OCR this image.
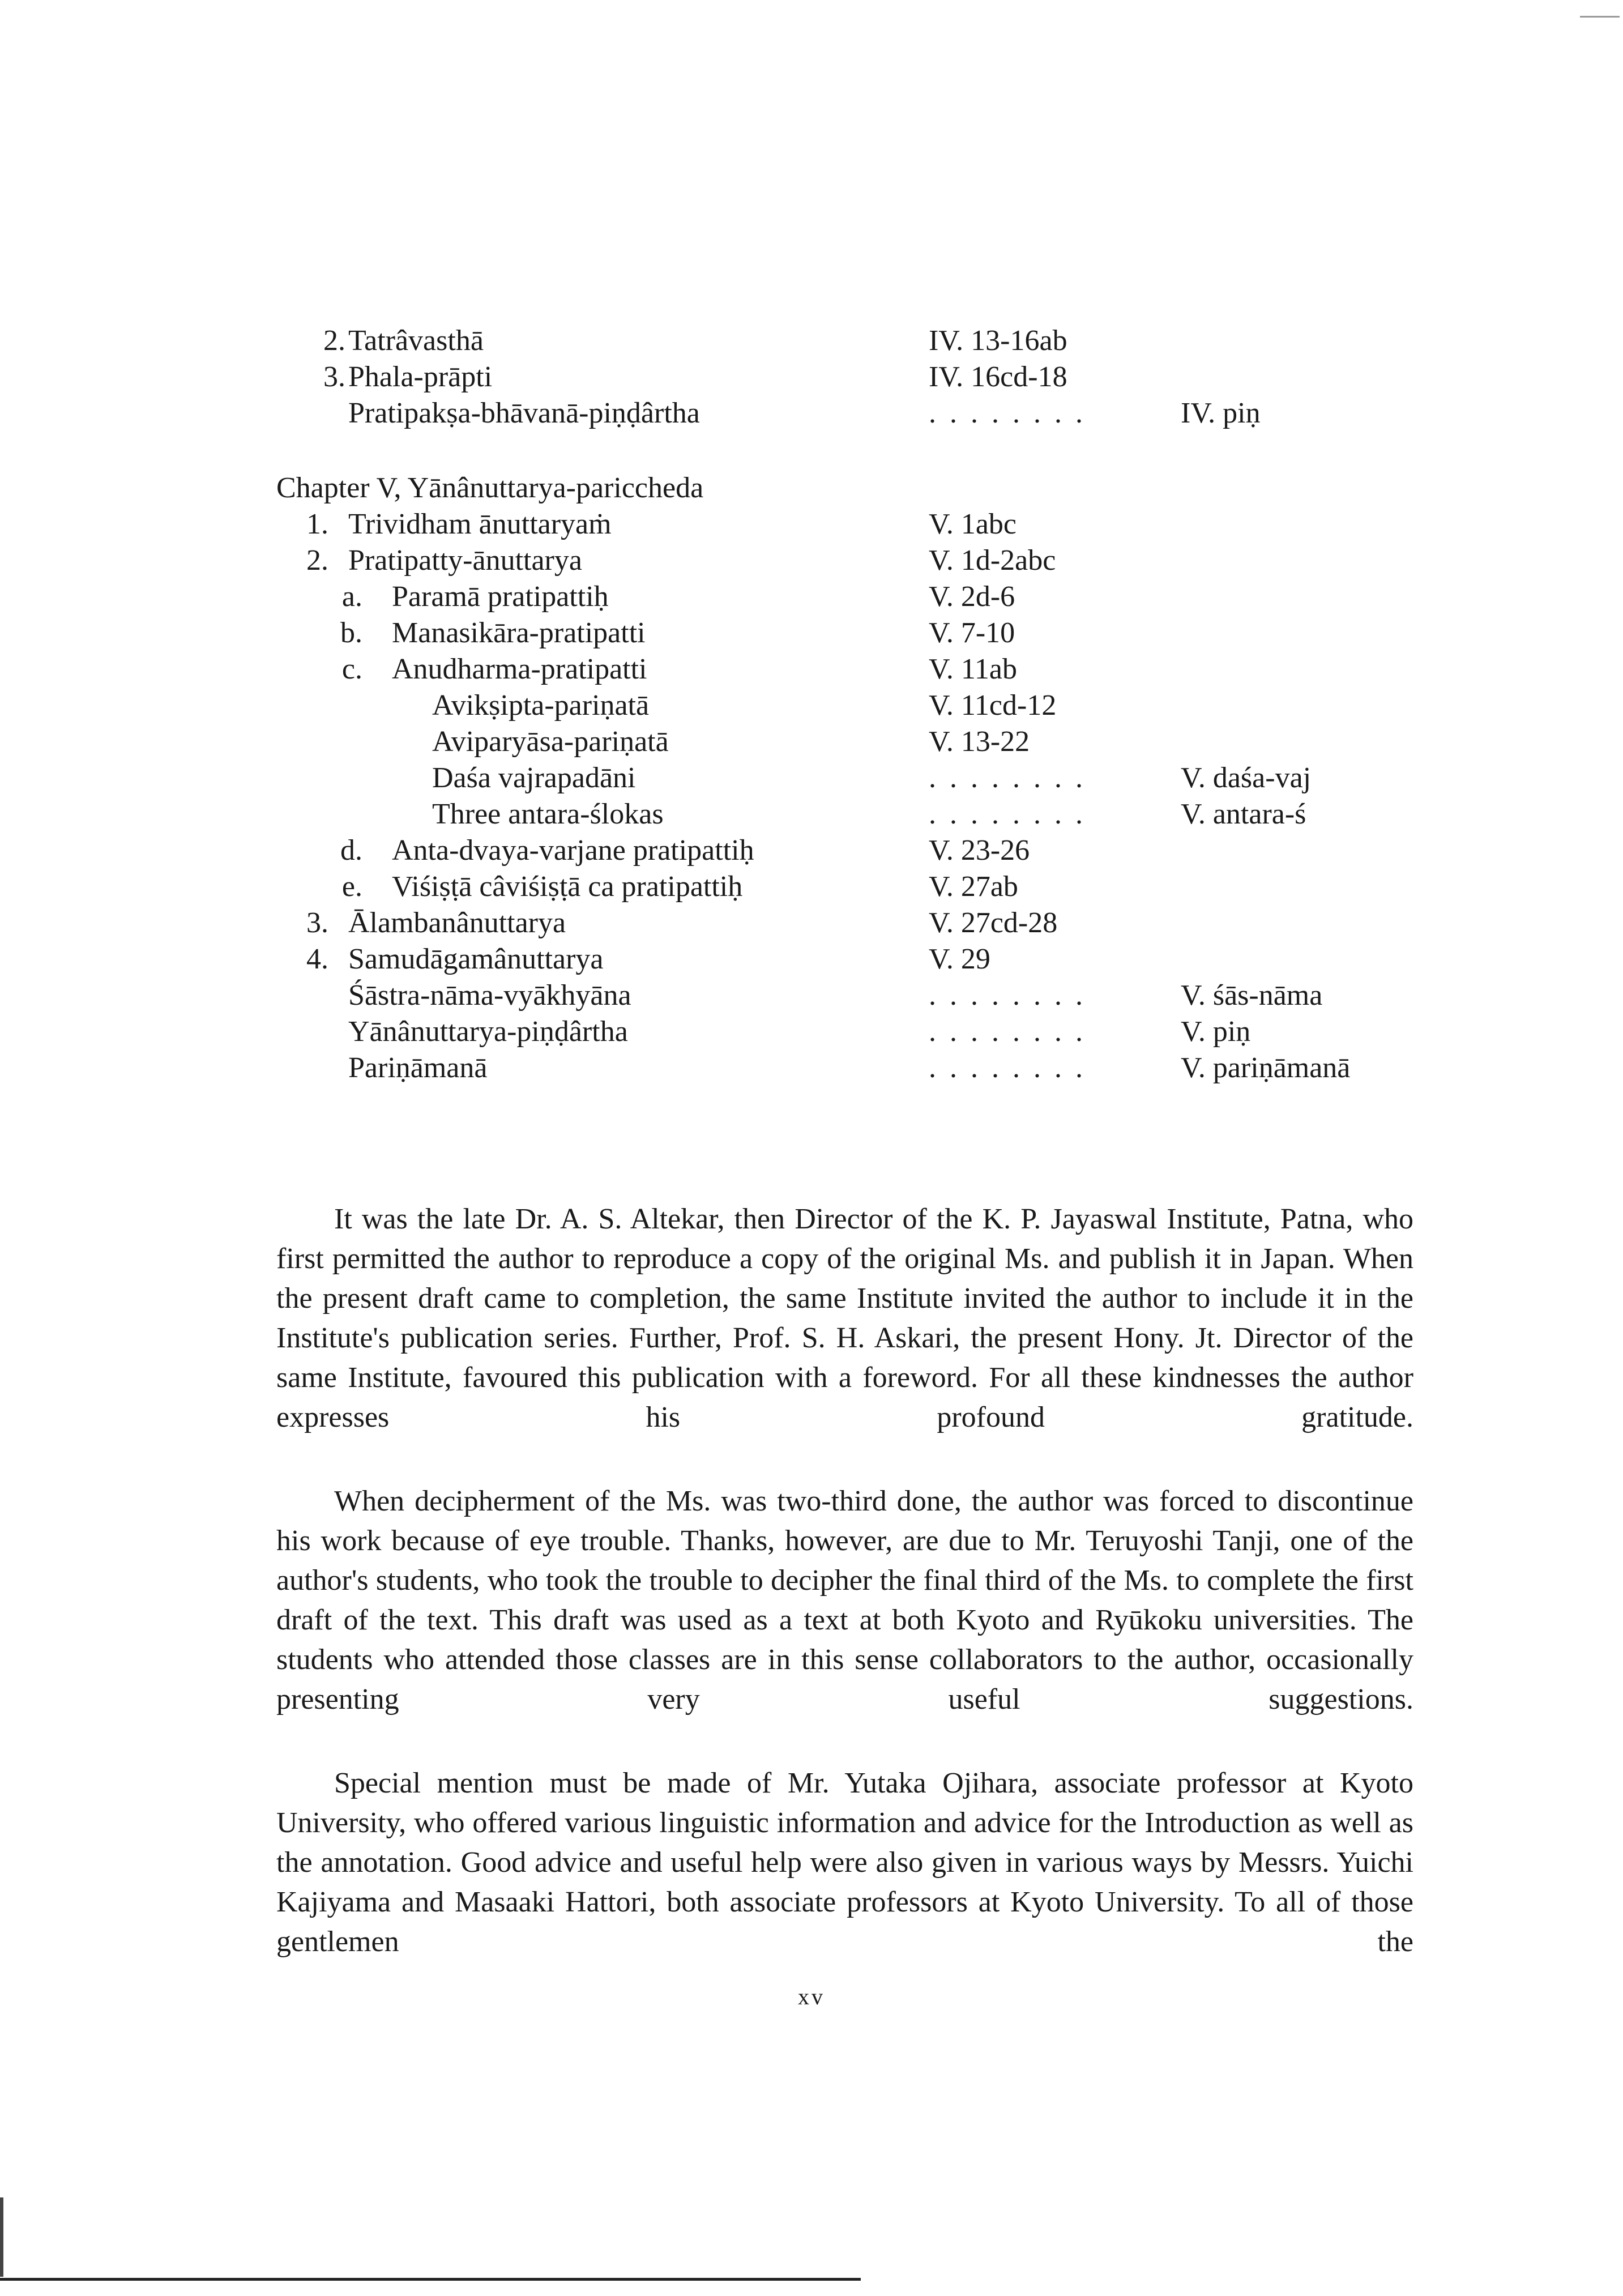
2. Tatrâvasthā	IV. 13-16ab
3. Phala-prāpti	IV. 16cd-18
Pratipakṣa-bhāvanā-piṇḍârtha	........	IV. piṇ
Chapter V, Yānânuttarya-pariccheda
1. Trividham ānuttaryaṁ	V. 1abc
2. Pratipatty-ānuttarya	V. 1d-2abc
a. Paramā pratipattiḥ	V. 2d-6
b. Manasikāra-pratipatti	V. 7-10
c. Anudharma-pratipatti	V. 11ab
Avikṣipta-pariṇatā	V. 11cd-12
Aviparyāsa-pariṇatā	V. 13-22
Daśa vajrapadāni	........	V. daśa-vaj
Three antara-ślokas	........	V. antara-ś
d. Anta-dvaya-varjane pratipattiḥ	V. 23-26
e. Viśiṣṭā câviśiṣṭā ca pratipattiḥ	V. 27ab
3. Ālambanânuttarya	V. 27cd-28
4. Samudāgamânuttarya	V. 29
Śāstra-nāma-vyākhyāna	........	V. śās-nāma
Yānânuttarya-piṇḍârtha	........	V. piṇ
Pariṇāmanā	........	V. pariṇāmanā

It was the late Dr. A. S. Altekar, then Director of the K. P. Jayaswal Institute, Patna, who first permitted the author to reproduce a copy of the original Ms. and publish it in Japan. When the present draft came to completion, the same Institute invited the author to include it in the Institute's publication series. Further, Prof. S. H. Askari, the present Hony. Jt. Director of the same Institute, favoured this publication with a foreword. For all these kindnesses the author expresses his profound gratitude.

When decipherment of the Ms. was two-third done, the author was forced to discontinue his work because of eye trouble. Thanks, however, are due to Mr. Teruyoshi Tanji, one of the author's students, who took the trouble to decipher the final third of the Ms. to complete the first draft of the text. This draft was used as a text at both Kyoto and Ryūkoku universities. The students who attended those classes are in this sense collaborators to the author, occasionally presenting very useful suggestions.

Special mention must be made of Mr. Yutaka Ojihara, associate professor at Kyoto University, who offered various linguistic information and advice for the Introduction as well as the annotation. Good advice and useful help were also given in various ways by Messrs. Yuichi Kajiyama and Masaaki Hattori, both associate professors at Kyoto University. To all of those gentlemen the

xv
